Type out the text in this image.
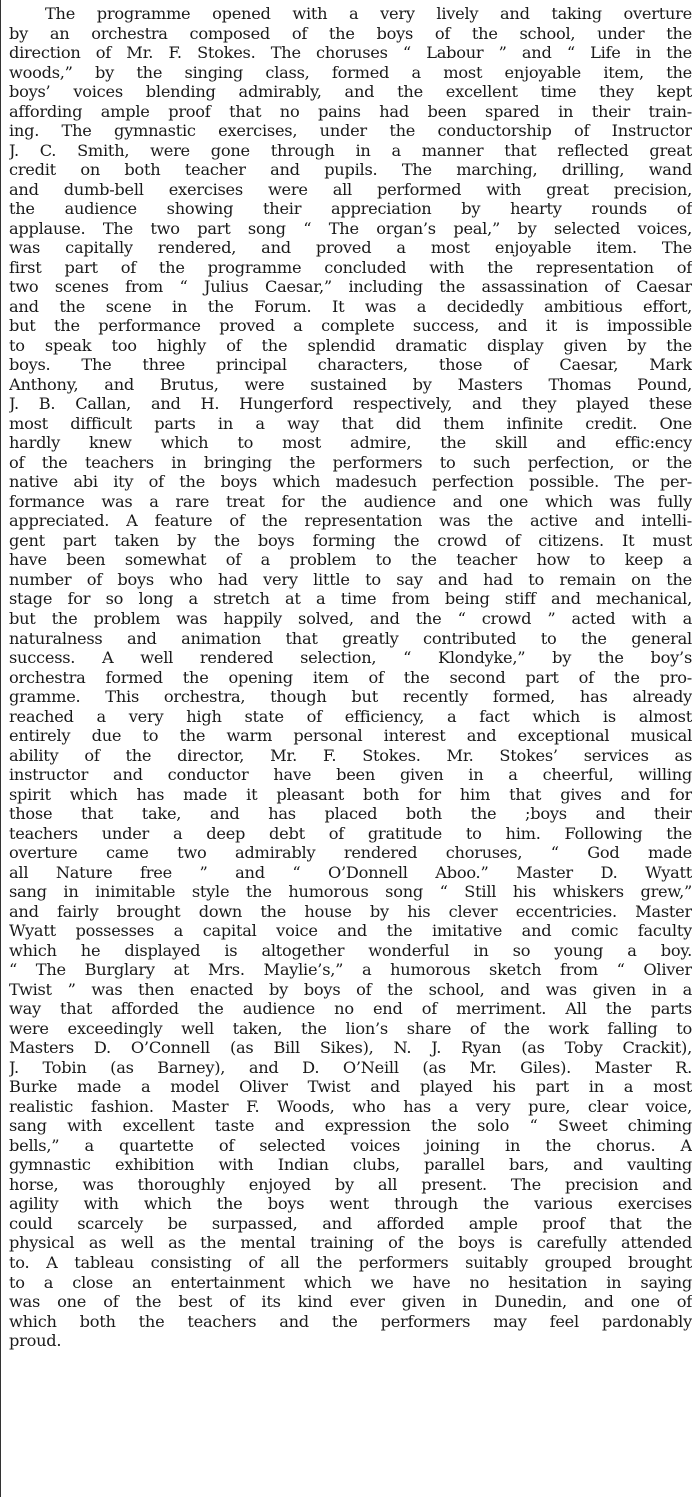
The programme opened with a very lively and taking overture
by an orchestra composed of the boys of the school, under the
direction of Mr. F. Stokes. The choruses “ Labour ” and “ Life in the
woods,” by the singing class, formed a most enjoyable item, the
boys’ voices blending admirably, and the excellent time they kept
affording ample proof that no pains had been spared in their train-
ing. The gymnastic exercises, under the conductorship of Instructor
J. C. Smith, were gone through in a manner that reflected great
credit on both teacher and pupils. The marching, drilling, wand
and dumb-bell exercises were all performed with great precision,
the audience showing their appreciation by hearty rounds of
applause. The two part song “ The organ’s peal,” by selected voices,
was capitally rendered, and proved a most enjoyable item. The
first part of the programme concluded with the representation of
two scenes from “ Julius Caesar,” including the assassination of Caesar
and the scene in the Forum. It was a decidedly ambitious effort,
but the performance proved a complete success, and it is impossible
to speak too highly of the splendid dramatic display given by the
boys. The three principal characters, those of Caesar, Mark
Anthony, and Brutus, were sustained by Masters Thomas Pound,
J. B. Callan, and H. Hungerford respectively, and they played these
most difficult parts in a way that did them infinite credit. One
hardly knew which to most admire, the skill and effic:ency
of the teachers in bringing the performers to such perfection, or the
native abi ity of the boys which madesuch perfection possible. The per-
formance was a rare treat for the audience and one which was fully
appreciated. A feature of the representation was the active and intelli-
gent part taken by the boys forming the crowd of citizens. It must
have been somewhat of a problem to the teacher how to keep a
number of boys who had very little to say and had to remain on the
stage for so long a stretch at a time from being stiff and mechanical,
but the problem was happily solved, and the “ crowd ” acted with a
naturalness and animation that greatly contributed to the general
success. A well rendered selection, “ Klondyke,” by the boy’s
orchestra formed the opening item of the second part of the pro-
gramme. This orchestra, though but recently formed, has already
reached a very high state of efficiency, a fact which is almost
entirely due to the warm personal interest and exceptional musical
ability of the director, Mr. F. Stokes. Mr. Stokes’ services as
instructor and conductor have been given in a cheerful, willing
spirit which has made it pleasant both for him that gives and for
those that take, and has placed both the ;boys and their
teachers under a deep debt of gratitude to him. Following the
overture came two admirably rendered choruses, “ God made
all Nature free ” and “ O’Donnell Aboo.” Master D. Wyatt
sang in inimitable style the humorous song “ Still his whiskers grew,”
and fairly brought down the house by his clever eccentricies. Master
Wyatt possesses a capital voice and the imitative and comic faculty
which he displayed is altogether wonderful in so young a boy.
“ The Burglary at Mrs. Maylie’s,” a humorous sketch from “ Oliver
Twist ” was then enacted by boys of the school, and was given in a
way that afforded the audience no end of merriment. All the parts
were exceedingly well taken, the lion’s share of the work falling to
Masters D. O’Connell (as Bill Sikes), N. J. Ryan (as Toby Crackit),
J. Tobin (as Barney), and D. O’Neill (as Mr. Giles). Master R.
Burke made a model Oliver Twist and played his part in a most
realistic fashion. Master F. Woods, who has a very pure, clear voice,
sang with excellent taste and expression the solo “ Sweet chiming
bells,” a quartette of selected voices joining in the chorus. A
gymnastic exhibition with Indian clubs, parallel bars, and vaulting
horse, was thoroughly enjoyed by all present. The precision and
agility with which the boys went through the various exercises
could scarcely be surpassed, and afforded ample proof that the
physical as well as the mental training of the boys is carefully attended
to. A tableau consisting of all the performers suitably grouped brought
to a close an entertainment which we have no hesitation in saying
was one of the best of its kind ever given in Dunedin, and one of
which both the teachers and the performers may feel pardonably
proud.
